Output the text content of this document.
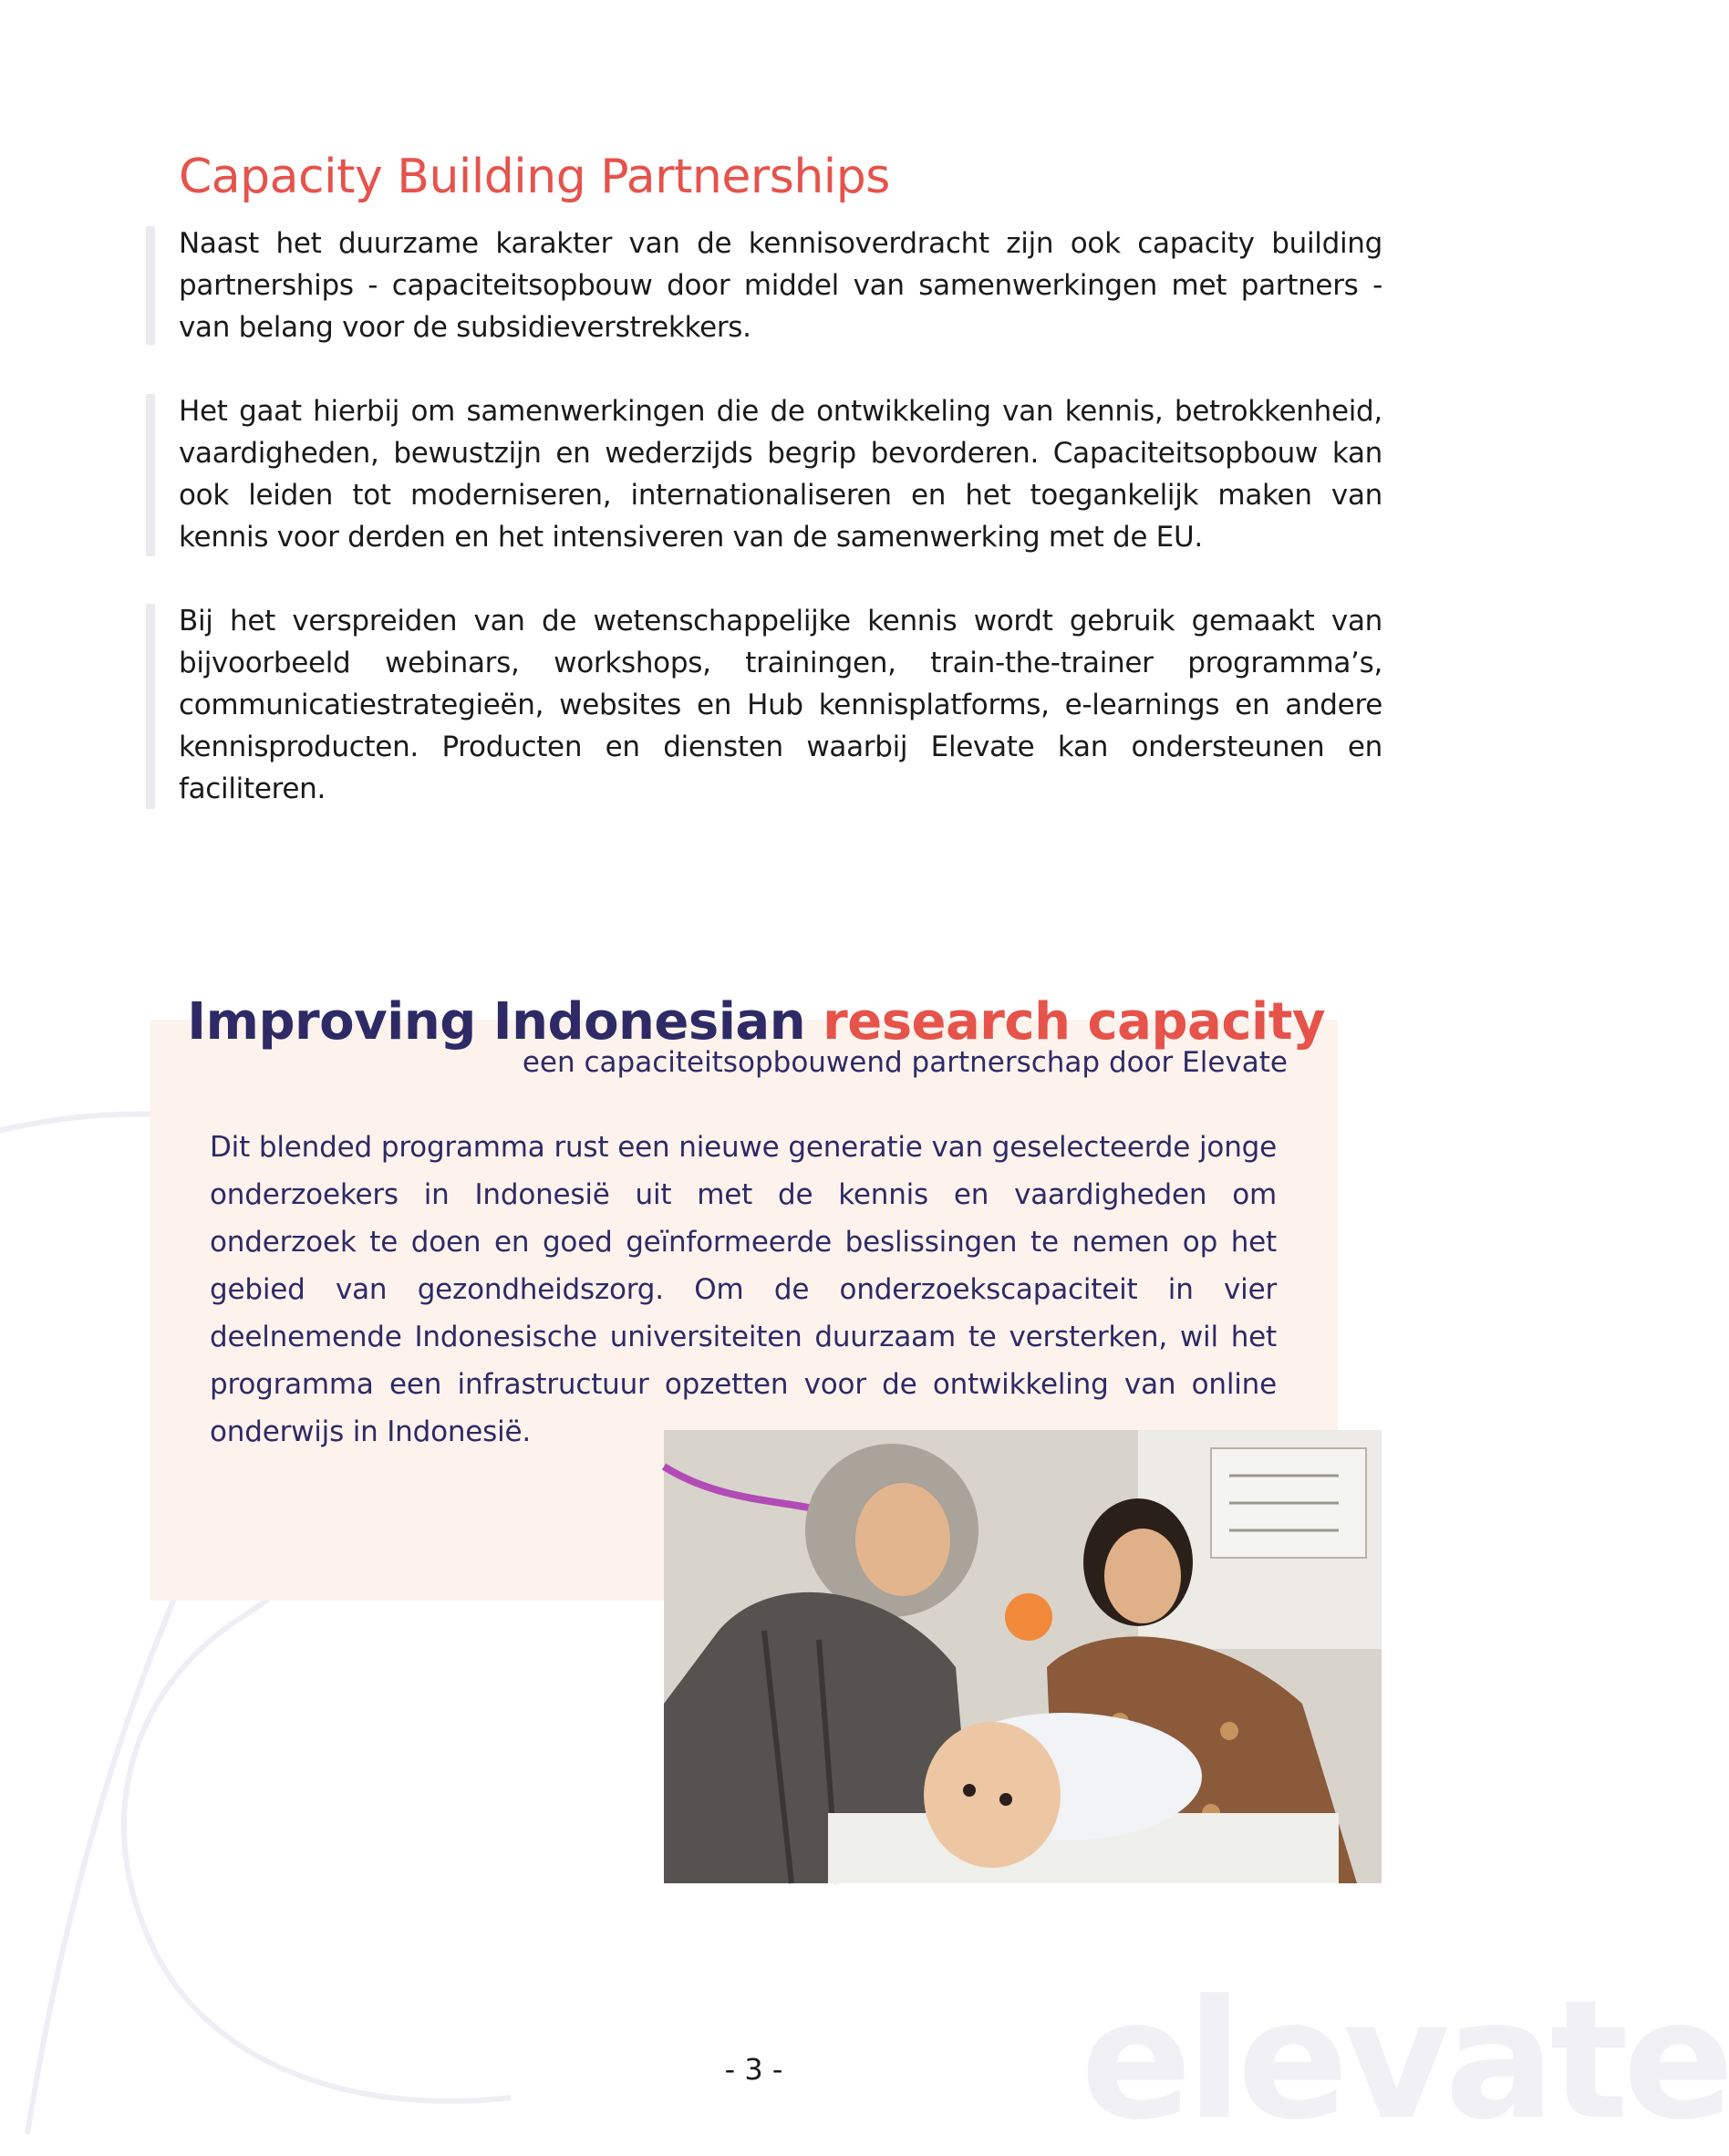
Capacity Building Partnerships

Naast het duurzame karakter van de kennisoverdracht zijn ook capacity building partnerships - capaciteitsopbouw door middel van samenwerkingen met partners - van belang voor de subsidieverstrekkers.

Het gaat hierbij om samenwerkingen die de ontwikkeling van kennis, betrokkenheid, vaardigheden, bewustzijn en wederzijds begrip bevorderen. Capaciteitsopbouw kan ook leiden tot moderniseren, internationaliseren en het toegankelijk maken van kennis voor derden en het intensiveren van de samenwerking met de EU.

Bij het verspreiden van de wetenschappelijke kennis wordt gebruik gemaakt van bijvoorbeeld webinars, workshops, trainingen, train-the-trainer programma’s, communicatiestrategieën, websites en Hub kennisplatforms, e-learnings en andere kennisproducten. Producten en diensten waarbij Elevate kan ondersteunen en faciliteren.

Improving Indonesian research capacity

een capaciteitsopbouwend partnerschap door Elevate

Dit blended programma rust een nieuwe generatie van geselecteerde jonge onderzoekers in Indonesië uit met de kennis en vaardigheden om onderzoek te doen en goed geïnformeerde beslissingen te nemen op het gebied van gezondheidszorg. Om de onderzoekscapaciteit in vier deelnemende Indonesische universiteiten duurzaam te versterken, wil het programma een infrastructuur opzetten voor de ontwikkeling van online onderwijs in Indonesië.

- 3 -	elevate
